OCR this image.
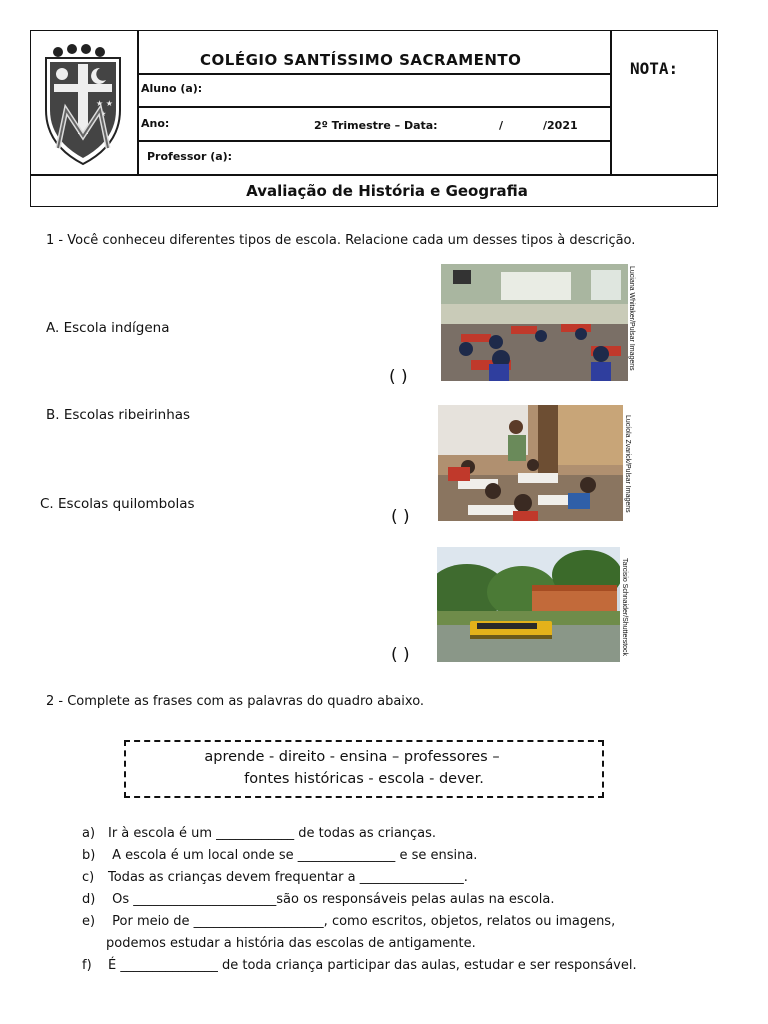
★ ★
★
COLÉGIO SANTÍSSIMO SACRAMENTO
Aluno (a):
Ano:	2º Trimestre – Data:	/	/2021
Professor (a):
NOTA:
Avaliação de História e Geografia
1 - Você conheceu diferentes tipos de escola. Relacione cada um desses tipos à descrição.
A. Escola indígena
B. Escolas ribeirinhas
C. Escolas quilombolas
Luciana Whitaker/Pulsar Imagens
( )
Lucíola Zvarick/Pulsar Imagens
( )
Tarcisio Schnaider/Shutterstock
( )
2 - Complete as frases com as palavras do quadro abaixo.
aprende - direito - ensina – professores –
fontes históricas - escola - dever.
a) Ir à escola é um ____________ de todas as crianças.
b) A escola é um local onde se _______________ e se ensina.
c) Todas as crianças devem frequentar a ________________.
d) Os ______________________são os responsáveis pelas aulas na escola.
e) Por meio de ____________________, como escritos, objetos, relatos ou imagens,
podemos estudar a história das escolas de antigamente.
f) É _______________ de toda criança participar das aulas, estudar e ser responsável.
